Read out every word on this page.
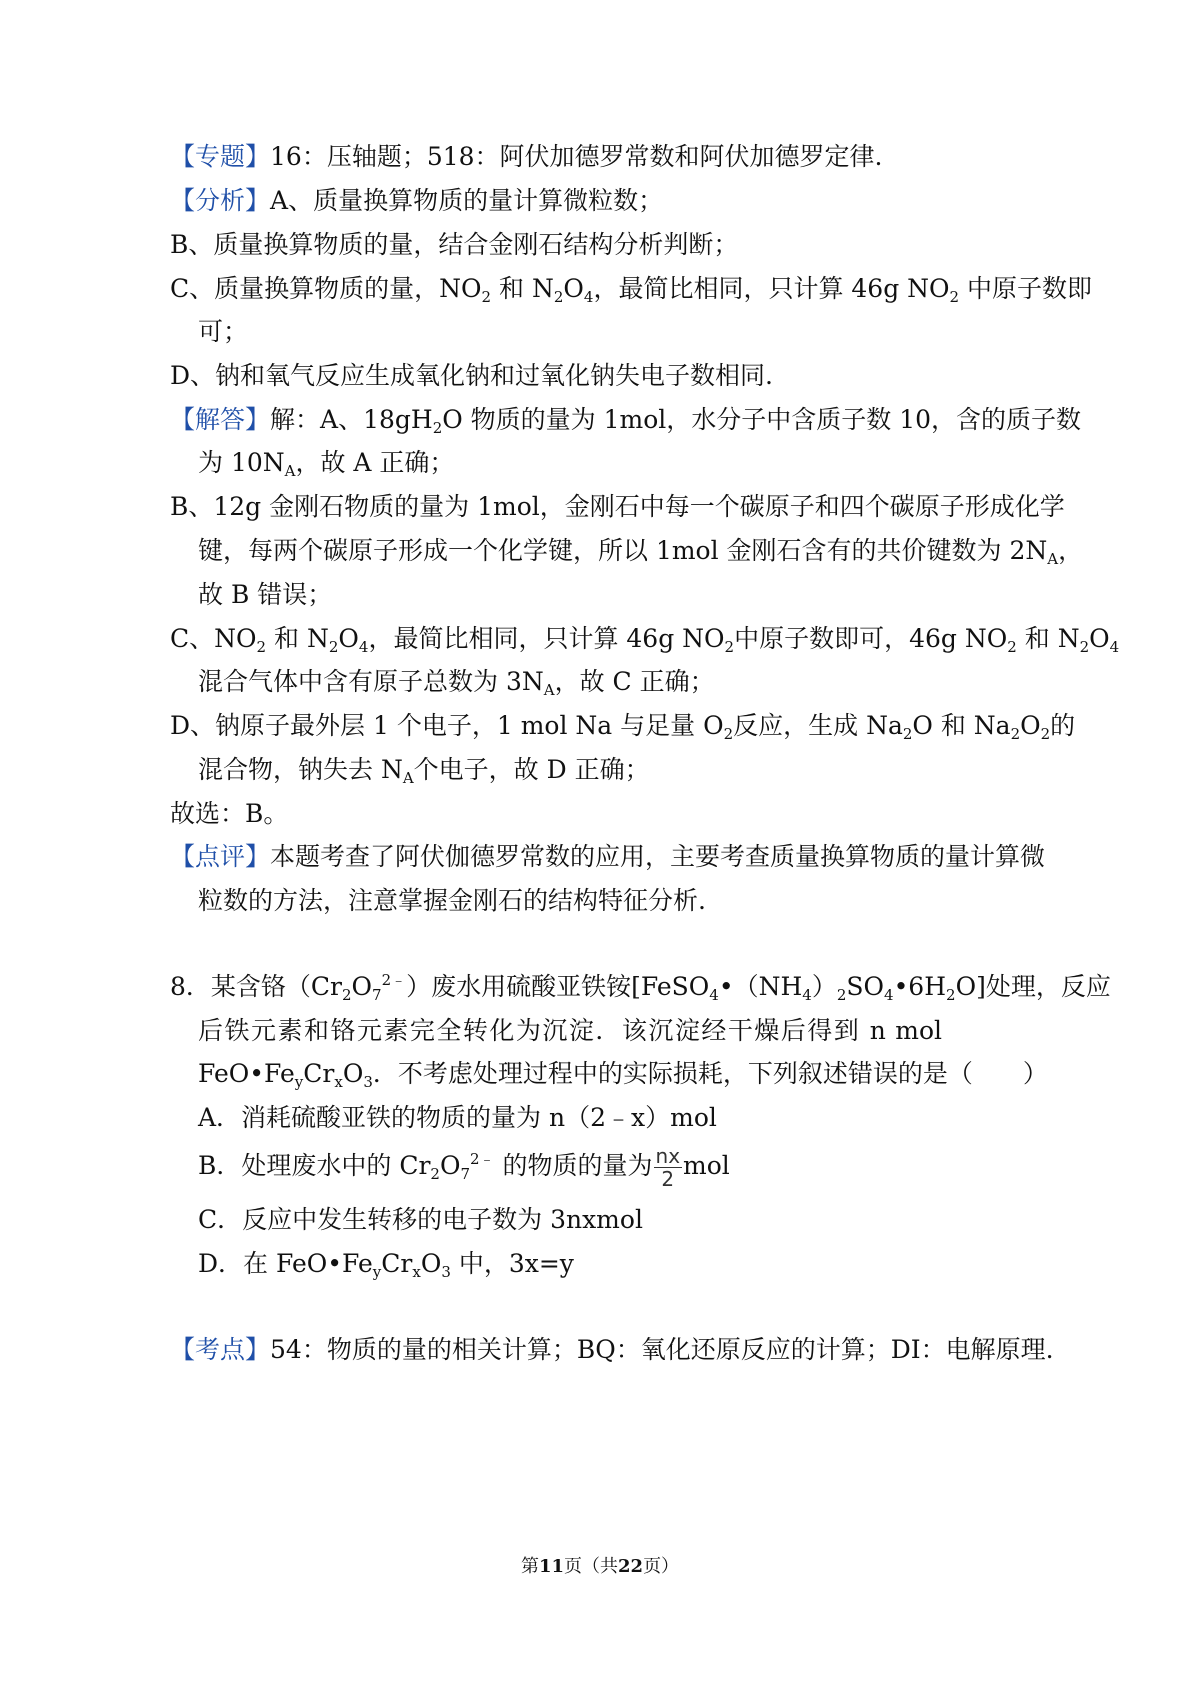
【专题】16：压轴题；518：阿伏加德罗常数和阿伏加德罗定律.
【分析】A、质量换算物质的量计算微粒数；
B、质量换算物质的量，结合金刚石结构分析判断；
C、质量换算物质的量，$NO_2$ 和 $N_2O_4$，最简比相同，只计算 46g $NO_2$ 中原子数即
可；
D、钠和氧气反应生成氧化钠和过氧化钠失电子数相同.
【解答】解：A、$18gH_2O$ 物质的量为 1mol，水分子中含质子数 10，含的质子数
为 $10N_A$，故 A 正确；
B、12g 金刚石物质的量为 1mol，金刚石中每一个碳原子和四个碳原子形成化学
键，每两个碳原子形成一个化学键，所以 1mol 金刚石含有的共价键数为 $2N_A$，
故 B 错误；
C、$NO_2$ 和 $N_2O_4$，最简比相同，只计算 46g $NO_2$中原子数即可，46g $NO_2$ 和 $N_2O_4$
混合气体中含有原子总数为 $3N_A$，故 C 正确；
D、钠原子最外层 1 个电子，1 mol Na 与足量 $O_2$反应，生成 $Na_2O$ 和 $Na_2O_2$的
混合物，钠失去 $N_A$个电子，故 D 正确；
故选：B。
【点评】本题考查了阿伏伽德罗常数的应用，主要考查质量换算物质的量计算微
粒数的方法，注意掌握金刚石的结构特征分析.
8．某含铬$(Cr_2O_7^{2﹣})$废水用硫酸亚铁铵$[FeSO_4•(NH_4)_2SO_4•6H_2O]$处理，反应
后铁元素和铬元素完全转化为沉淀．该沉淀经干燥后得到 n mol
$FeO•Fe_yCr_xO_3$．不考虑处理过程中的实际损耗，下列叙述错误的是（　　）
A．消耗硫酸亚铁的物质的量为 n（2﹣x）mol
B．处理废水中的 $Cr_2O_7^{2﹣}$ 的物质的量为 $\frac{nx}{2}$ mol
C．反应中发生转移的电子数为 3nxmol
D．在 $FeO•Fe_yCr_xO_3$ 中，3x=y
【考点】54：物质的量的相关计算；BQ：氧化还原反应的计算；DI：电解原理.
第11页（共22页）
